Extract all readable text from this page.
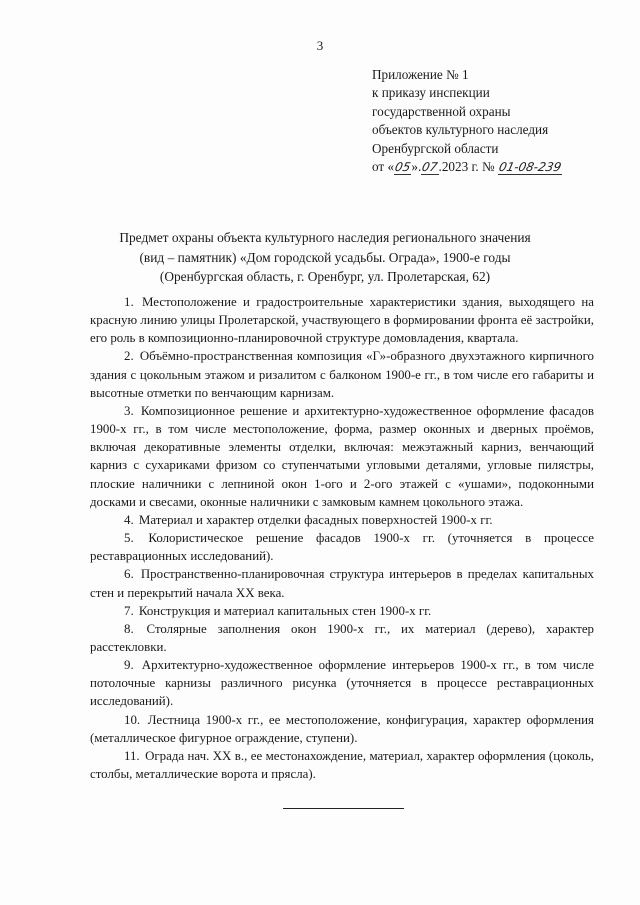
3
Приложение № 1
к приказу инспекции
государственной охраны
объектов культурного наследия
Оренбургской области
от «05».07.2023 г. № 01-08-239
Предмет охраны объекта культурного наследия регионального значения
(вид – памятник) «Дом городской усадьбы. Ограда», 1900-е годы
(Оренбургская область, г. Оренбург, ул. Пролетарская, 62)

1. Местоположение и градостроительные характеристики здания, выходящего на красную линию улицы Пролетарской, участвующего в формировании фронта её застройки, его роль в композиционно-планировочной структуре домовладения, квартала.

2. Объёмно-пространственная композиция «Г»-образного двухэтажного кирпичного здания с цокольным этажом и ризалитом с балконом 1900-е гг., в том числе его габариты и высотные отметки по венчающим карнизам.

3. Композиционное решение и архитектурно-художественное оформление фасадов 1900-х гг., в том числе местоположение, форма, размер оконных и дверных проёмов, включая декоративные элементы отделки, включая: межэтажный карниз, венчающий карниз с сухариками фризом со ступенчатыми угловыми деталями, угловые пилястры, плоские наличники с лепниной окон 1-ого и 2-ого этажей с «ушами», подоконными досками и свесами, оконные наличники с замковым камнем цокольного этажа.

4. Материал и характер отделки фасадных поверхностей 1900-х гг.

5. Колористическое решение фасадов 1900-х гг. (уточняется в процессе реставрационных исследований).

6. Пространственно-планировочная структура интерьеров в пределах капитальных стен и перекрытий начала XX века.

7. Конструкция и материал капитальных стен 1900-х гг.

8. Столярные заполнения окон 1900-х гг., их материал (дерево), характер расстекловки.

9. Архитектурно-художественное оформление интерьеров 1900-х гг., в том числе потолочные карнизы различного рисунка (уточняется в процессе реставрационных исследований).

10. Лестница 1900-х гг., ее местоположение, конфигурация, характер оформления (металлическое фигурное ограждение, ступени).

11. Ограда нач. XX в., ее местонахождение, материал, характер оформления (цоколь, столбы, металлические ворота и прясла).
